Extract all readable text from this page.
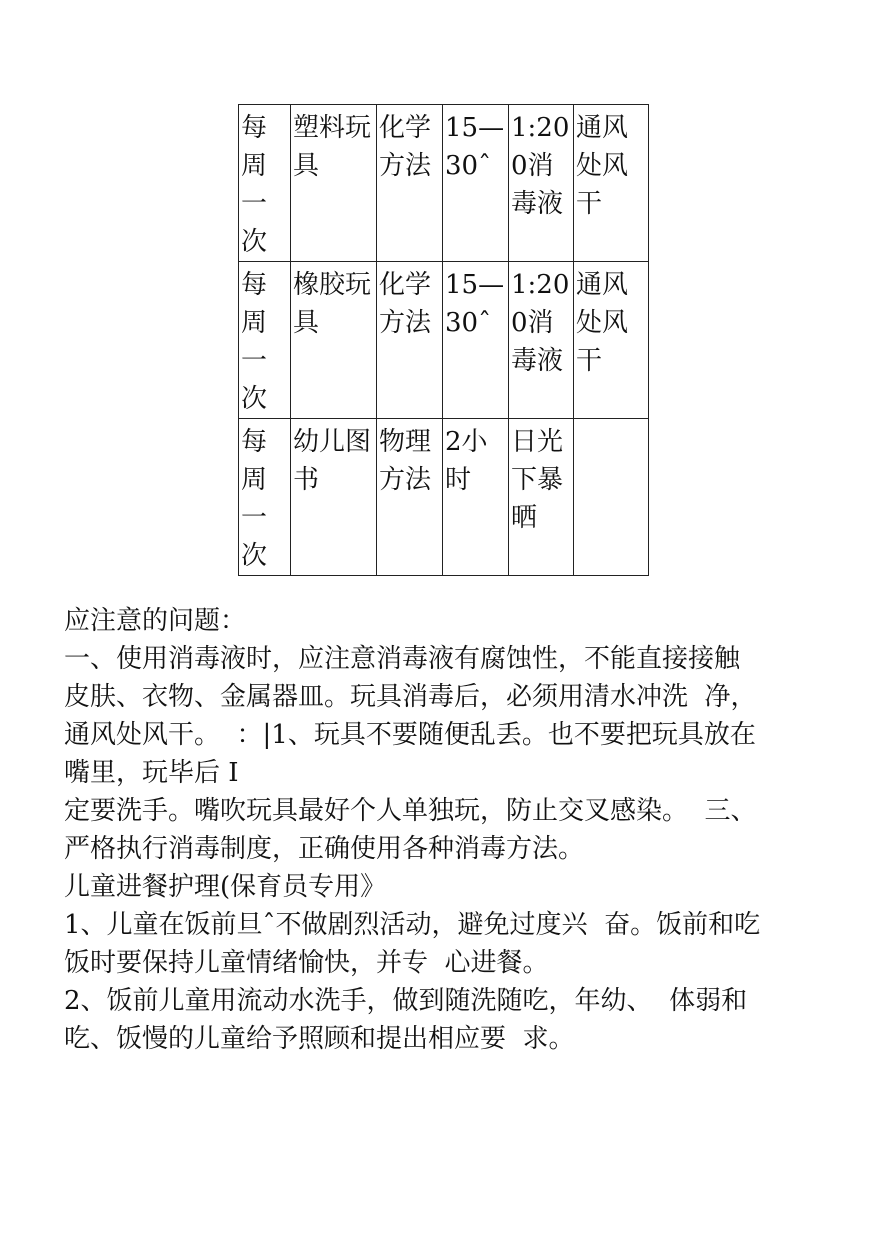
每周一次	塑料玩具	化学方法	15—30ˆ	1:200消毒液	通风处风干
每周一次	橡胶玩具	化学方法	15—30ˆ	1:200消毒液	通风处风干
每周一次	幼儿图书	物理方法	2小时	日光下暴晒	

应注意的问题：

一、使用消毒液时，应注意消毒液有腐蚀性，不能直接接触

皮肤、衣物、金属器皿。玩具消毒后，必须用清水冲洗  净，

通风处风干。  ：|1、玩具不要随便乱丢。也不要把玩具放在

嘴里，玩毕后 I

定要洗手。嘴吹玩具最好个人单独玩，防止交叉感染。  三、

严格执行消毒制度，正确使用各种消毒方法。

儿童进餐护理(保育员专用》

1、儿童在饭前旦ˆ不做剧烈活动，避免过度兴  奋。饭前和吃

饭时要保持儿童情绪愉快，并专  心进餐。

2、饭前儿童用流动水洗手，做到随洗随吃，年幼、  体弱和

吃、饭慢的儿童给予照顾和提出相应要  求。
